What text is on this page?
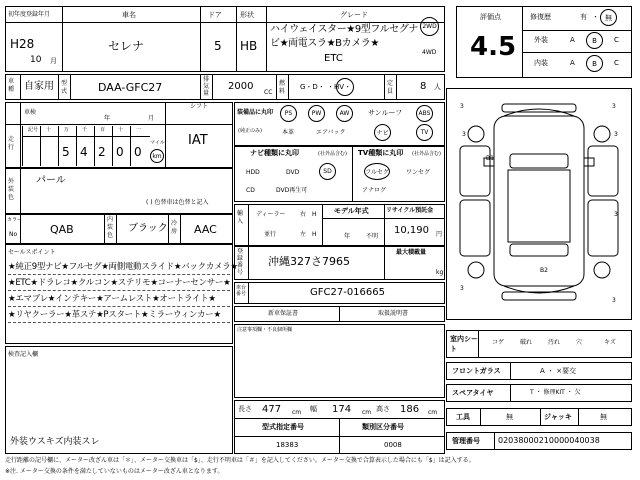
初年度登録年月	車名	ドア	形状	グレード
H28
10 月
セレナ	5 HB
ハイウェイスター★9型フルセグナ
ビ★両電スラ★Bカメラ★
ETC
2WD
4WD
評価点
4.5
修復歴	有 ・ 無
外装	A B C
内装	A B C
車種 自家用 型式	DAA-GFC27
排気量
2000
CC
燃料
G・D・ ・HV・	定員	8 人
車検
年	月
シフト
IAT
走行
記号 十	万	千	百	十	一
5 4 2 0 0 km
マイル
外装色
パール
( ) 色替車は色替と記入
カラー
No	QAB
内装色
ブラック 冷房 AAC
セールスポイント
★純正9型ナビ★フルセグ★両側電動スライド★バックカメラ★
★ETC★ドラレコ★クルコン★ステリモ★コーナーセンサー★
★エマブレ★インテキー★アームレスト★オートライト★
★リヤクーラー★革ステ★Pスタート★ミラーウィンカー★
検査記入欄
外装ウスキズ内装スレ
装備品に丸印
(純正のみ)
PS	PW	AW	サンルーフ	ABS
本革	エアバック	ナビ	TV
ナビ種類に丸印	(社外品含む)
HDD	DVD	SD
CD	DVD再生可
TV種類に丸印 (社外品含む)
フルセグ	ワンセグ
アナログ
輸入
ディーラー
並行
右
左
H
H
モデル年式
年	不明
リサイクル預託金
10,190 円
登録番号
沖縄327さ7965
最大積載量
kg
車台番号	GFC27-016665
新車保証書	取扱説明書
注意事項欄・不良個所欄
長さ 477 cm 幅 174 cm 高さ 186 cm
型式指定番号
18383
類別区分番号
0008
3	3
3	3
3
3
3
B1
B2
室内シート
コゲ	破れ	汚れ	穴	キズ
フロントガラス	A ・ ×要交
スペアタイヤ	T ・ 修理KIT ・ 欠
工具	無	ジャッキ	無
管理番号 02038000210000040038
走行距離の記号欄に、メーター改ざん車は「＊」、メーター交換車は「$」、走行不明車は「＃」を記入してください。メーター交換で合算表示した場合にも「$」は記入する。
※注. メーター交換の条件を満たしていないものはメーター改ざん車となります。
